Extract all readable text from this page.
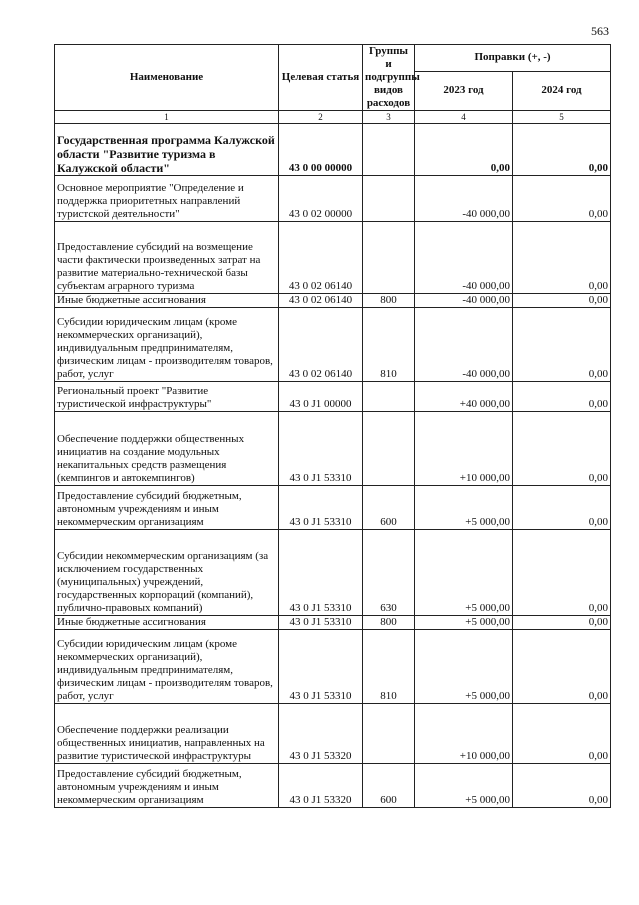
563
Наименование	Целевая статья	Группы и подгруппы видов расходов	Поправки (+, -)	
			2023 год	2024 год
1	2	3	4	5
Государственная программа Калужской области "Развитие туризма в Калужской области"	43 0 00 00000		0,00	0,00
Основное мероприятие "Определение и поддержка приоритетных направлений туристской деятельности"	43 0 02 00000		-40 000,00	0,00
Предоставление субсидий на возмещение части фактически произведенных затрат на развитие материально-технической базы субъектам аграрного туризма	43 0 02 06140		-40 000,00	0,00
Иные бюджетные ассигнования	43 0 02 06140	800	-40 000,00	0,00
Субсидии юридическим лицам (кроме некоммерческих организаций), индивидуальным предпринимателям, физическим лицам - производителям товаров, работ, услуг	43 0 02 06140	810	-40 000,00	0,00
Региональный проект "Развитие туристической инфраструктуры"	43 0 J1 00000		+40 000,00	0,00
Обеспечение поддержки общественных инициатив на создание модульных некапитальных средств размещения (кемпингов и автокемпингов)	43 0 J1 53310		+10 000,00	0,00
Предоставление субсидий бюджетным, автономным учреждениям и иным некоммерческим организациям	43 0 J1 53310	600	+5 000,00	0,00
Субсидии некоммерческим организациям (за исключением государственных (муниципальных) учреждений, государственных корпораций (компаний), публично-правовых компаний)	43 0 J1 53310	630	+5 000,00	0,00
Иные бюджетные ассигнования	43 0 J1 53310	800	+5 000,00	0,00
Субсидии юридическим лицам (кроме некоммерческих организаций), индивидуальным предпринимателям, физическим лицам - производителям товаров, работ, услуг	43 0 J1 53310	810	+5 000,00	0,00
Обеспечение поддержки реализации общественных инициатив, направленных на развитие туристической инфраструктуры	43 0 J1 53320		+10 000,00	0,00
Предоставление субсидий бюджетным, автономным учреждениям и иным некоммерческим организациям	43 0 J1 53320	600	+5 000,00	0,00
